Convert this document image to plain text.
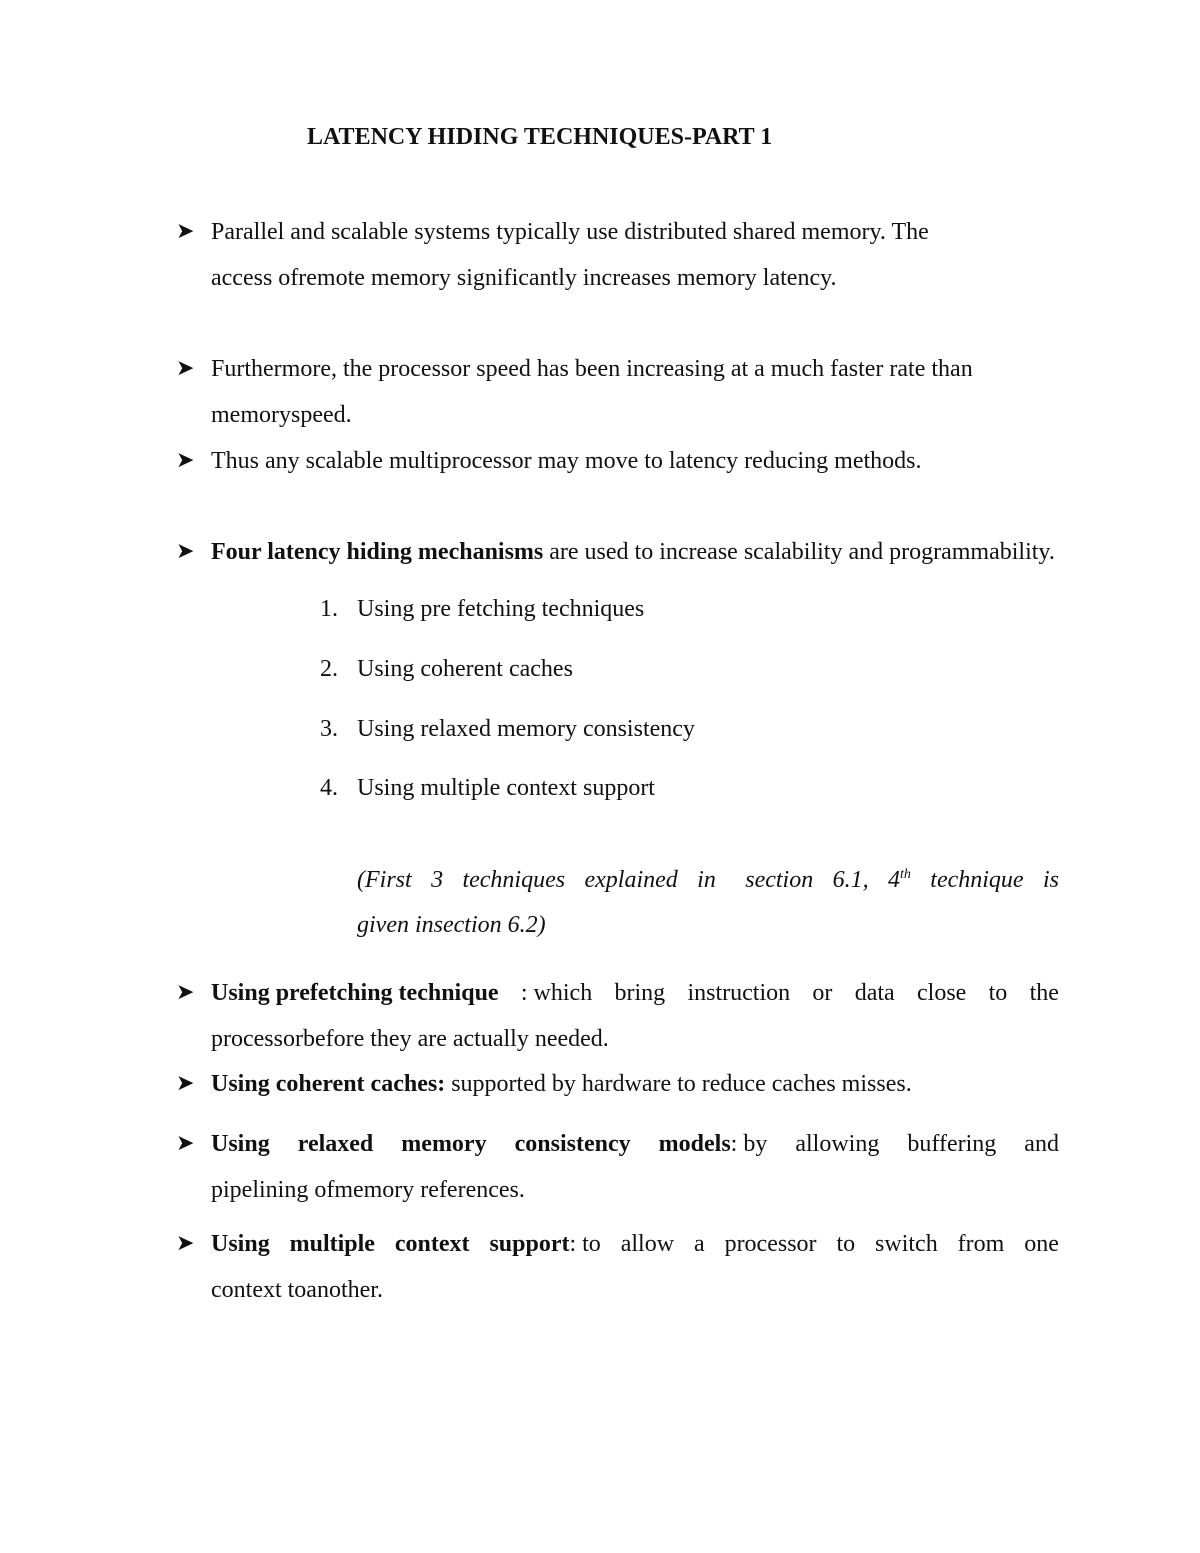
LATENCY HIDING TECHNIQUES-PART 1
➤ Parallel and scalable systems typically use distributed shared memory. The
access ofremote memory significantly increases memory latency.
➤ Furthermore, the processor speed has been increasing at a much faster rate than
memoryspeed.
➤ Thus any scalable multiprocessor may move to latency reducing methods.
➤ Four latency hiding mechanisms are used to increase scalability and programmability.
1. Using pre fetching techniques
2. Using coherent caches
3. Using relaxed memory consistency
4. Using multiple context support
(First 3 techniques explained in section 6.1, 4th technique is
given insection 6.2)
➤ Using prefetching technique : which bring instruction or data close to the
processorbefore they are actually needed.
➤ Using coherent caches: supported by hardware to reduce caches misses.
➤ Using relaxed memory consistency models: by allowing buffering and
pipelining ofmemory references.
➤ Using multiple context support: to allow a processor to switch from one
context toanother.
